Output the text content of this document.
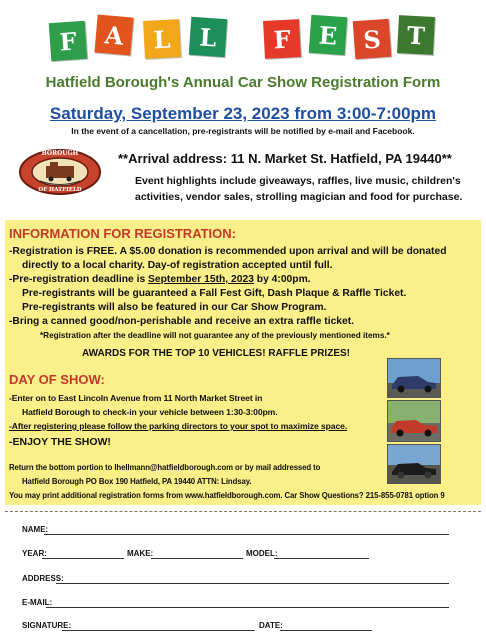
F	A	L	L	F	E	S	T
Hatfield Borough's Annual Car Show Registration Form
Saturday, September 23, 2023 from 3:00-7:00pm
In the event of a cancellation, pre-registrants will be notified by e-mail and Facebook.
BOROUGH
OF HATFIELD
**Arrival address: 11 N. Market St. Hatfield, PA 19440**
Event highlights include giveaways, raffles, live music, children's activities, vendor sales, strolling magician and food for purchase.
INFORMATION FOR REGISTRATION:
-Registration is FREE. A $5.00 donation is recommended upon arrival and will be donated
directly to a local charity. Day-of registration accepted until full.
-Pre-registration deadline is September 15th, 2023 by 4:00pm.
Pre-registrants will be guaranteed a Fall Fest Gift, Dash Plaque & Raffle Ticket.
Pre-registrants will also be featured in our Car Show Program.
-Bring a canned good/non-perishable and receive an extra raffle ticket.
*Registration after the deadline will not guarantee any of the previously mentioned items.*
AWARDS FOR THE TOP 10 VEHICLES! RAFFLE PRIZES!
DAY OF SHOW:
-Enter on to East Lincoln Avenue from 11 North Market Street in
Hatfield Borough to check-in your vehicle between 1:30-3:00pm.
-After registering please follow the parking directors to your spot to maximize space.
-ENJOY THE SHOW!
Return the bottom portion to lhellmann@hatfieldborough.com or by mail addressed to
Hatfield Borough PO Box 190 Hatfield, PA 19440 ATTN: Lindsay.
You may print additional registration forms from www.hatfieldborough.com. Car Show Questions? 215-855-0781 option 9
NAME:
YEAR:	MAKE:	MODEL:
ADDRESS:
E-MAIL:
SIGNATURE:	DATE:
